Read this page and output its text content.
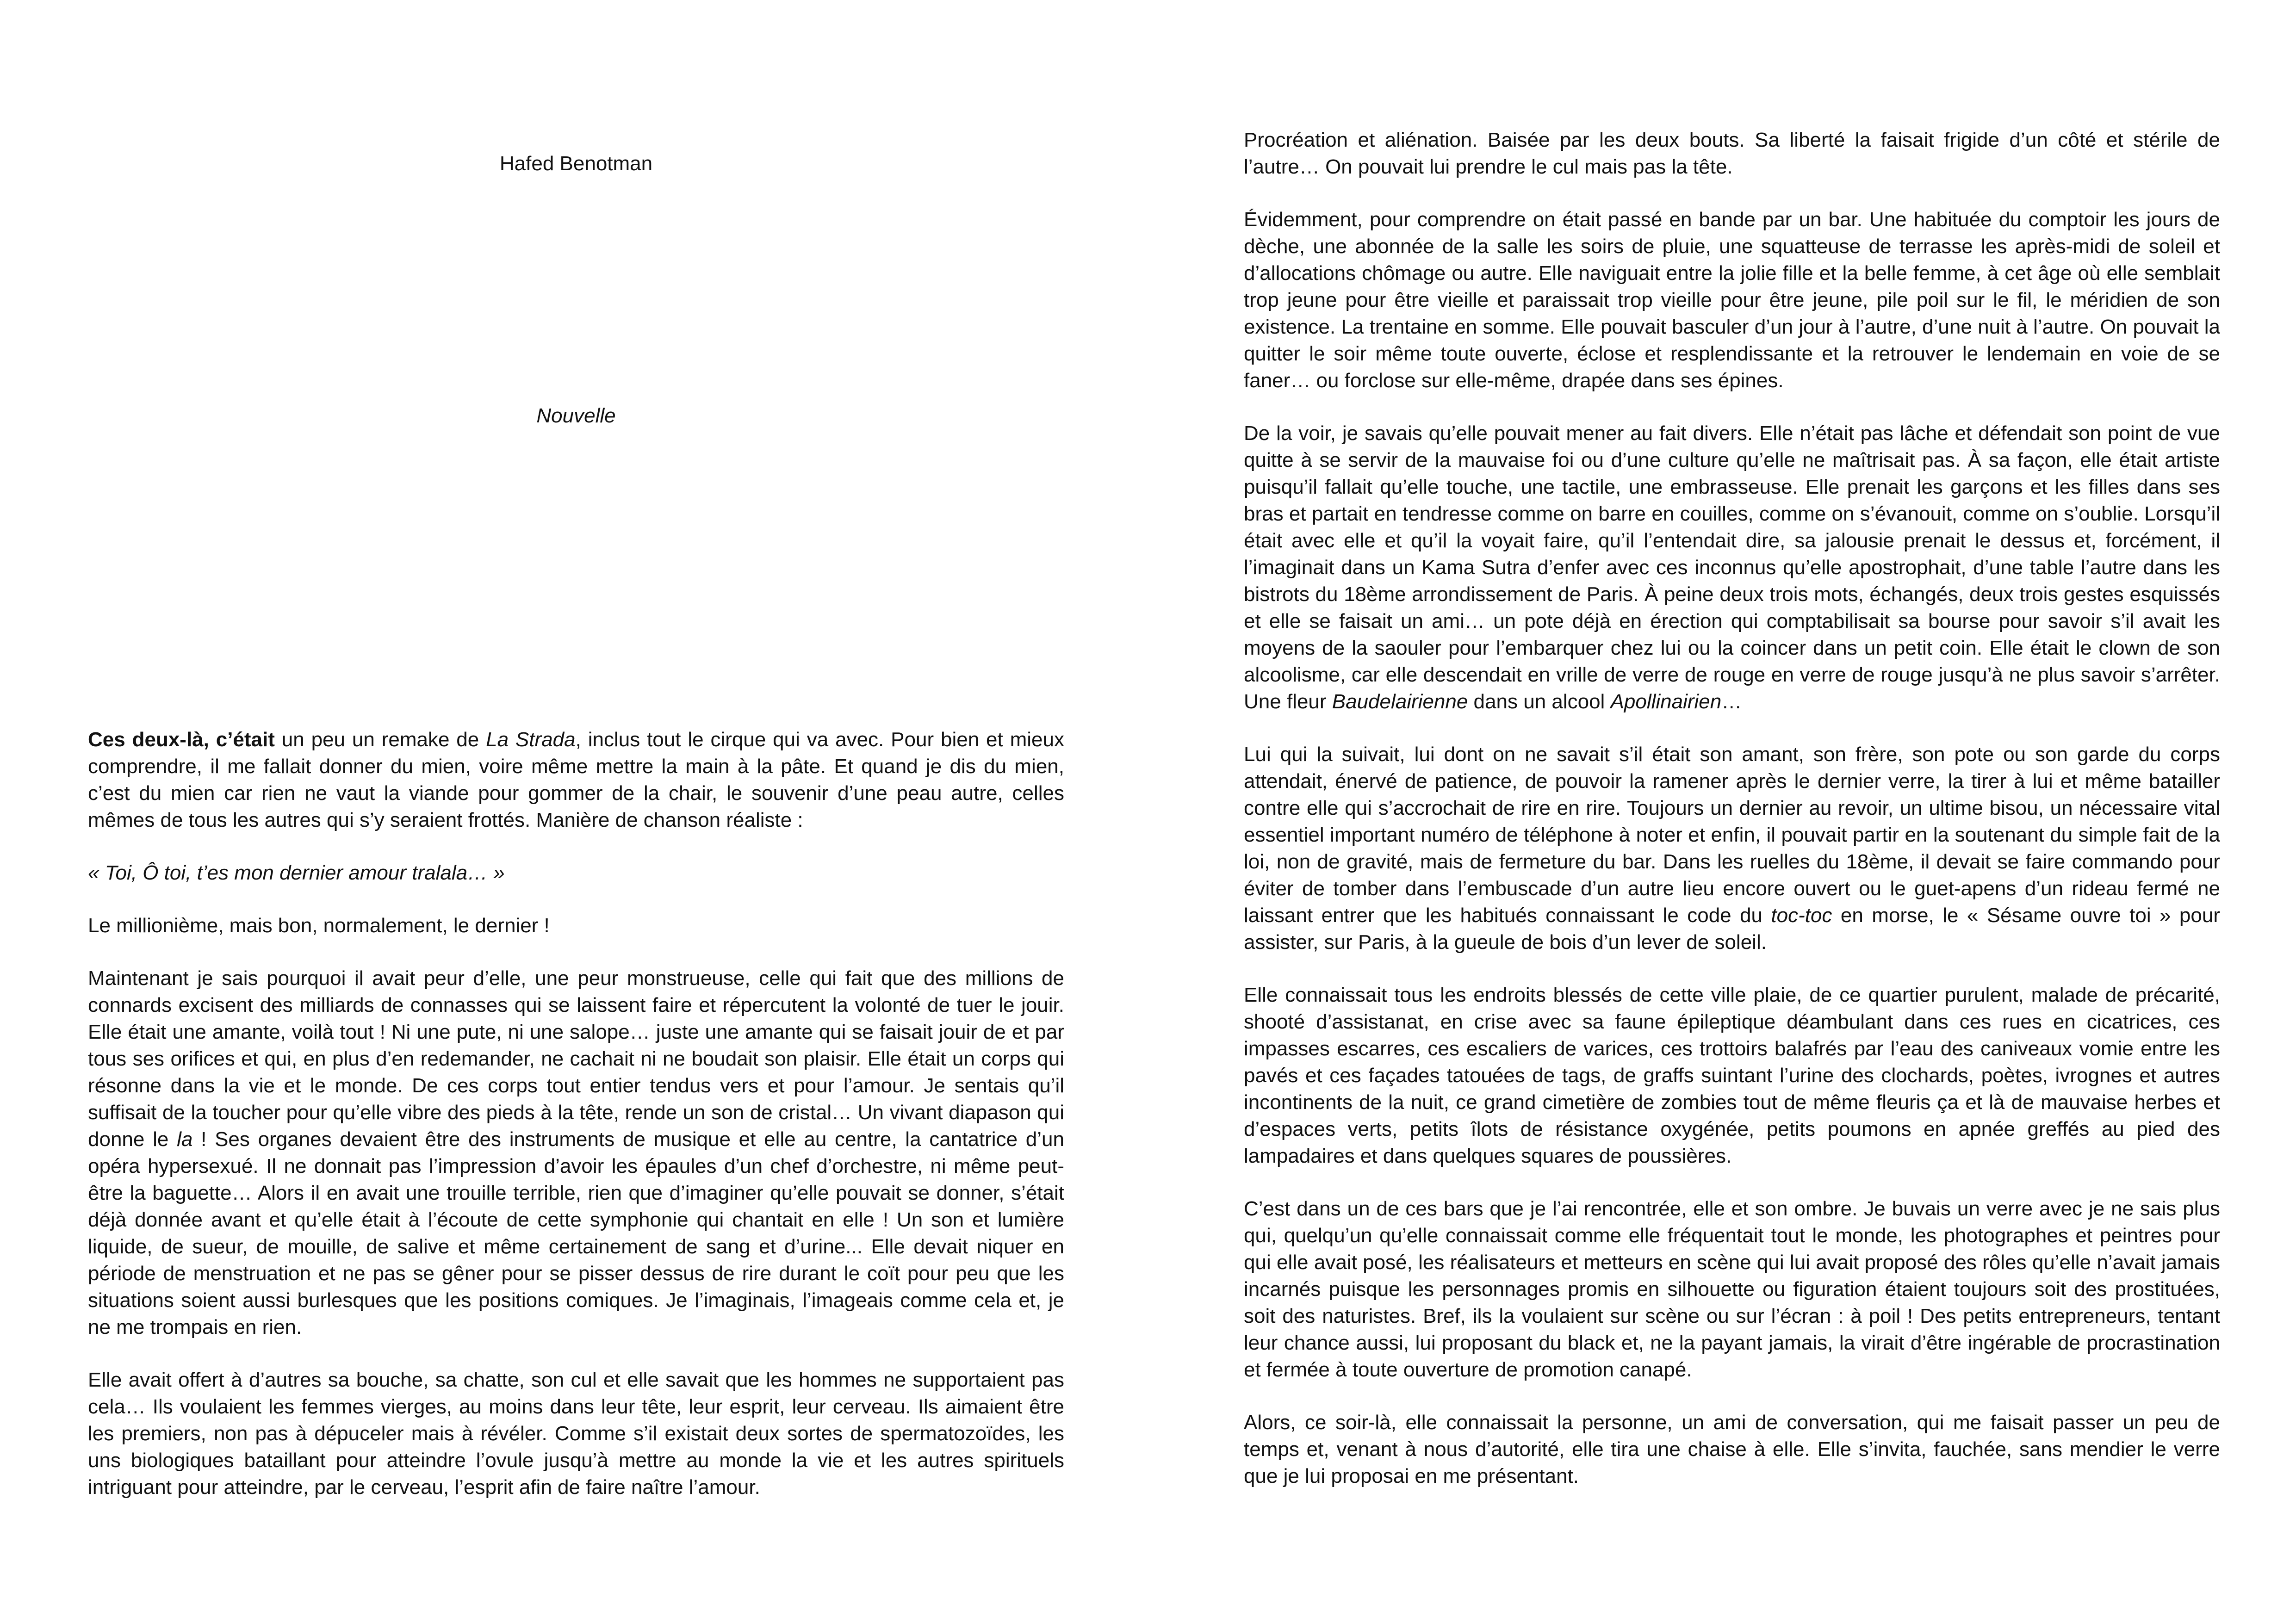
Hafed Benotman
Nouvelle

Ces deux-là, c’était un peu un remake de La Strada, inclus tout le cirque qui va avec. Pour bien et mieux comprendre, il me fallait donner du mien, voire même mettre la main à la pâte. Et quand je dis du mien, c’est du mien car rien ne vaut la viande pour gommer de la chair, le souvenir d’une peau autre, celles mêmes de tous les autres qui s’y seraient frottés. Manière de chanson réaliste :

« Toi, Ô toi, t’es mon dernier amour tralala… »

Le millionième, mais bon, normalement, le dernier !

Maintenant je sais pourquoi il avait peur d’elle, une peur monstrueuse, celle qui fait que des millions de connards excisent des milliards de connasses qui se laissent faire et répercutent la volonté de tuer le jouir. Elle était une amante, voilà tout ! Ni une pute, ni une salope… juste une amante qui se faisait jouir de et par tous ses orifices et qui, en plus d’en redemander, ne cachait ni ne boudait son plaisir. Elle était un corps qui résonne dans la vie et le monde. De ces corps tout entier tendus vers et pour l’amour. Je sentais qu’il suffisait de la toucher pour qu’elle vibre des pieds à la tête, rende un son de cristal… Un vivant diapason qui donne le la ! Ses organes devaient être des instruments de musique et elle au centre, la cantatrice d’un opéra hypersexué. Il ne donnait pas l’impression d’avoir les épaules d’un chef d’orchestre, ni même peut-être la baguette… Alors il en avait une trouille terrible, rien que d’imaginer qu’elle pouvait se donner, s’était déjà donnée avant et qu’elle était à l’écoute de cette symphonie qui chantait en elle ! Un son et lumière liquide, de sueur, de mouille, de salive et même certainement de sang et d’urine... Elle devait niquer en période de menstruation et ne pas se gêner pour se pisser dessus de rire durant le coït pour peu que les situations soient aussi burlesques que les positions comiques. Je l’imaginais, l’imageais comme cela et, je ne me trompais en rien.

Elle avait offert à d’autres sa bouche, sa chatte, son cul et elle savait que les hommes ne supportaient pas cela… Ils voulaient les femmes vierges, au moins dans leur tête, leur esprit, leur cerveau. Ils aimaient être les premiers, non pas à dépuceler mais à révéler. Comme s’il existait deux sortes de spermatozoïdes, les uns biologiques bataillant pour atteindre l’ovule jusqu’à mettre au monde la vie et les autres spirituels intriguant pour atteindre, par le cerveau, l’esprit afin de faire naître l’amour.

Procréation et aliénation. Baisée par les deux bouts. Sa liberté la faisait frigide d’un côté et stérile de l’autre… On pouvait lui prendre le cul mais pas la tête.

Évidemment, pour comprendre on était passé en bande par un bar. Une habituée du comptoir les jours de dèche, une abonnée de la salle les soirs de pluie, une squatteuse de terrasse les après-midi de soleil et d’allocations chômage ou autre. Elle naviguait entre la jolie fille et la belle femme, à cet âge où elle semblait trop jeune pour être vieille et paraissait trop vieille pour être jeune, pile poil sur le fil, le méridien de son existence. La trentaine en somme. Elle pouvait basculer d’un jour à l’autre, d’une nuit à l’autre. On pouvait la quitter le soir même toute ouverte, éclose et resplendissante et la retrouver le lendemain en voie de se faner… ou forclose sur elle-même, drapée dans ses épines.

De la voir, je savais qu’elle pouvait mener au fait divers. Elle n’était pas lâche et défendait son point de vue quitte à se servir de la mauvaise foi ou d’une culture qu’elle ne maîtrisait pas. À sa façon, elle était artiste puisqu’il fallait qu’elle touche, une tactile, une embrasseuse. Elle prenait les garçons et les filles dans ses bras et partait en tendresse comme on barre en couilles, comme on s’évanouit, comme on s’oublie. Lorsqu’il était avec elle et qu’il la voyait faire, qu’il l’entendait dire, sa jalousie prenait le dessus et, forcément, il l’imaginait dans un Kama Sutra d’enfer avec ces inconnus qu’elle apostrophait, d’une table l’autre dans les bistrots du 18ème arrondissement de Paris. À peine deux trois mots, échangés, deux trois gestes esquissés et elle se faisait un ami… un pote déjà en érection qui comptabilisait sa bourse pour savoir s’il avait les moyens de la saouler pour l’embarquer chez lui ou la coincer dans un petit coin. Elle était le clown de son alcoolisme, car elle descendait en vrille de verre de rouge en verre de rouge jusqu’à ne plus savoir s’arrêter. Une fleur Baudelairienne dans un alcool Apollinairien…

Lui qui la suivait, lui dont on ne savait s’il était son amant, son frère, son pote ou son garde du corps attendait, énervé de patience, de pouvoir la ramener après le dernier verre, la tirer à lui et même batailler contre elle qui s’accrochait de rire en rire. Toujours un dernier au revoir, un ultime bisou, un nécessaire vital essentiel important numéro de téléphone à noter et enfin, il pouvait partir en la soutenant du simple fait de la loi, non de gravité, mais de fermeture du bar. Dans les ruelles du 18ème, il devait se faire commando pour éviter de tomber dans l’embuscade d’un autre lieu encore ouvert ou le guet-apens d’un rideau fermé ne laissant entrer que les habitués connaissant le code du toc-toc en morse, le « Sésame ouvre toi » pour assister, sur Paris, à la gueule de bois d’un lever de soleil.

Elle connaissait tous les endroits blessés de cette ville plaie, de ce quartier purulent, malade de précarité, shooté d’assistanat, en crise avec sa faune épileptique déambulant dans ces rues en cicatrices, ces impasses escarres, ces escaliers de varices, ces trottoirs balafrés par l’eau des caniveaux vomie entre les pavés et ces façades tatouées de tags, de graffs suintant l’urine des clochards, poètes, ivrognes et autres incontinents de la nuit, ce grand cimetière de zombies tout de même fleuris ça et là de mauvaise herbes et d’espaces verts, petits îlots de résistance oxygénée, petits poumons en apnée greffés au pied des lampadaires et dans quelques squares de poussières.

C’est dans un de ces bars que je l’ai rencontrée, elle et son ombre. Je buvais un verre avec je ne sais plus qui, quelqu’un qu’elle connaissait comme elle fréquentait tout le monde, les photographes et peintres pour qui elle avait posé, les réalisateurs et metteurs en scène qui lui avait proposé des rôles qu’elle n’avait jamais incarnés puisque les personnages promis en silhouette ou figuration étaient toujours soit des prostituées, soit des naturistes. Bref, ils la voulaient sur scène ou sur l’écran : à poil ! Des petits entrepreneurs, tentant leur chance aussi, lui proposant du black et, ne la payant jamais, la virait d’être ingérable de procrastination et fermée à toute ouverture de promotion canapé.

Alors, ce soir-là, elle connaissait la personne, un ami de conversation, qui me faisait passer un peu de temps et, venant à nous d’autorité, elle tira une chaise à elle. Elle s’invita, fauchée, sans mendier le verre que je lui proposai en me présentant.
